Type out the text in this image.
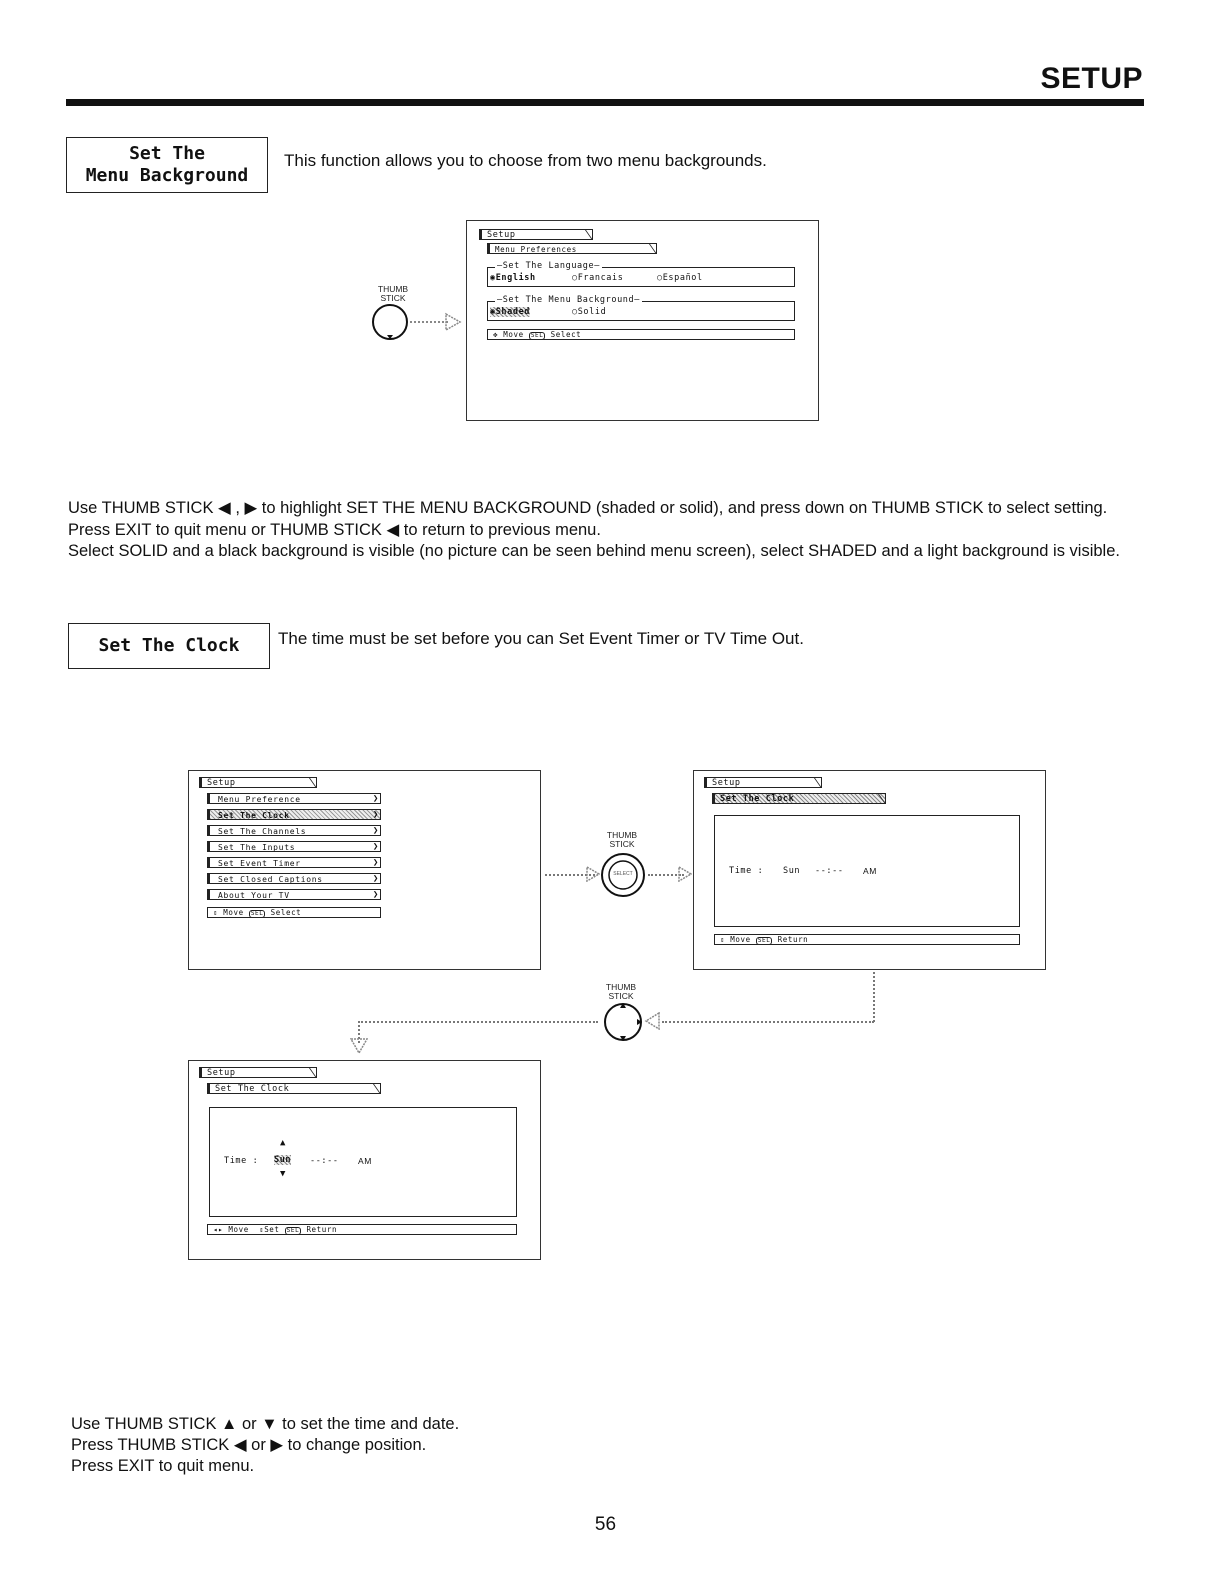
SETUP
Set The
Menu Background
This function allows you to choose from two menu backgrounds.
THUMB STICK
Setup
Menu Preferences
—Set The Language—
◉English	○Francais	○Español
—Set The Menu Background—
◉Shaded	○Solid
✥ Move SEL Select

Use THUMB STICK ◀ , ▶ to highlight SET THE MENU BACKGROUND (shaded or solid), and press down on THUMB STICK to select setting.

Press EXIT to quit menu or THUMB STICK ◀ to return to previous menu.

Select SOLID and a black background is visible (no picture can be seen behind menu screen), select SHADED and a light background is visible.

Set The Clock	The time must be set before you can Set Event Timer or TV Time Out.
Setup
Menu Preference	❯
Set The Clock	❯
Set The Channels	❯
Set The Inputs	❯
Set Event Timer	❯
Set Closed Captions	❯
About Your TV	❯
⇕ Move SEL Select
THUMB STICK
SELECT
Setup
Set The Clock
Time : Sun --:-- AM
⇕ Move SEL Return
THUMB STICK
Setup
Set The Clock
Time :
▲
Sun
▼
--:-- AM
◂▸ Move  ⇕Set SEL Return

Use THUMB STICK ▲ or ▼ to set the time and date.

Press THUMB STICK ◀ or ▶ to change position.

Press EXIT to quit menu.

56
